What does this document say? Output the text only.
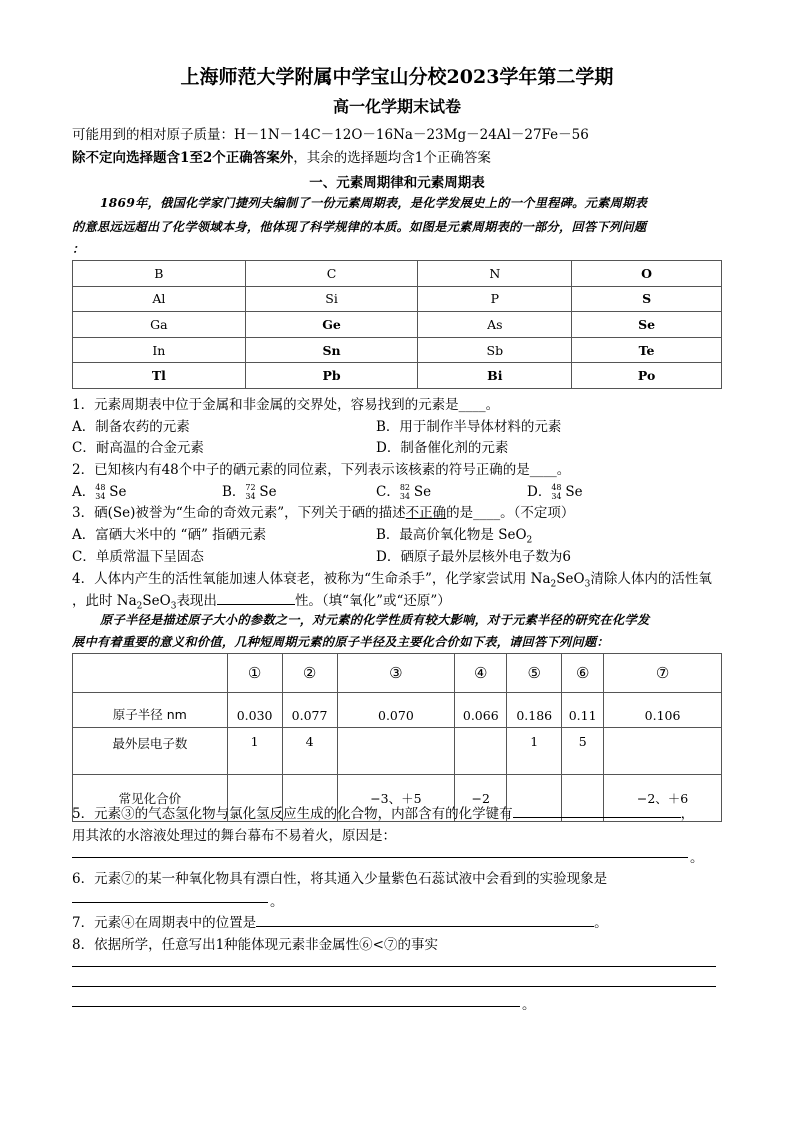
上海师范大学附属中学宝山分校2023学年第二学期
高一化学期末试卷
可能用到的相对原子质量：H－1N－14C－12O－16Na－23Mg－24Al－27Fe－56
除不定向选择题含1至2个正确答案外，其余的选择题均含1个正确答案
一、元素周期律和元素周期表
1869年，俄国化学家门捷列夫编制了一份元素周期表，是化学发展史上的一个里程碑。元素周期表
的意思远远超出了化学领域本身，他体现了科学规律的本质。如图是元素周期表的一部分，回答下列问题
：
B	C	N	O
Al	Si	P	S
Ga	Ge	As	Se
In	Sn	Sb	Te
Tl	Pb	Bi	Po
1．元素周期表中位于金属和非金属的交界处，容易找到的元素是____。
A．制备农药的元素	B．用于制作半导体材料的元素
C．耐高温的合金元素	D．制备催化剂的元素
2．已知核内有48个中子的硒元素的同位素，下列表示该核素的符号正确的是____。
A． 48
34 Se	B． 72
34 Se	C． 82
34 Se	D． 48
34 Se
3．硒(Se)被誉为“生命的奇效元素”，下列关于硒的描述不正确的是____。（不定项）
A．富硒大米中的 “硒” 指硒元素	B．最高价氧化物是 SeO$_2$
C．单质常温下呈固态	D．硒原子最外层核外电子数为6
4．人体内产生的活性氧能加速人体衰老，被称为“生命杀手”，化学家尝试用 $Na_2SeO_3$清除人体内的活性氧
，此时 $Na_2SeO_3$表现出	性。（填“氧化”或“还原”）
原子半径是描述原子大小的参数之一，对元素的化学性质有较大影响，对于元素半径的研究在化学发
展中有着重要的意义和价值，几种短周期元素的原子半径及主要化合价如下表，请回答下列问题：
	①	②	③	④	⑤	⑥	⑦
原子半径 nm	0.030	0.077	0.070	0.066	0.186	0.11	0.106
最外层电子数	1	4			1	5	
常见化合价			−3、＋5	−2			−2、＋6
5．元素③的气态氢化物与氯化氢反应生成的化合物，内部含有的化学键有	，
用其浓的水溶液处理过的舞台幕布不易着火，原因是：
。
6．元素⑦的某一种氧化物具有漂白性，将其通入少量紫色石蕊试液中会看到的实验现象是
。
7．元素④在周期表中的位置是	。
8．依据所学，任意写出1种能体现元素非金属性⑥<⑦的事实
。
